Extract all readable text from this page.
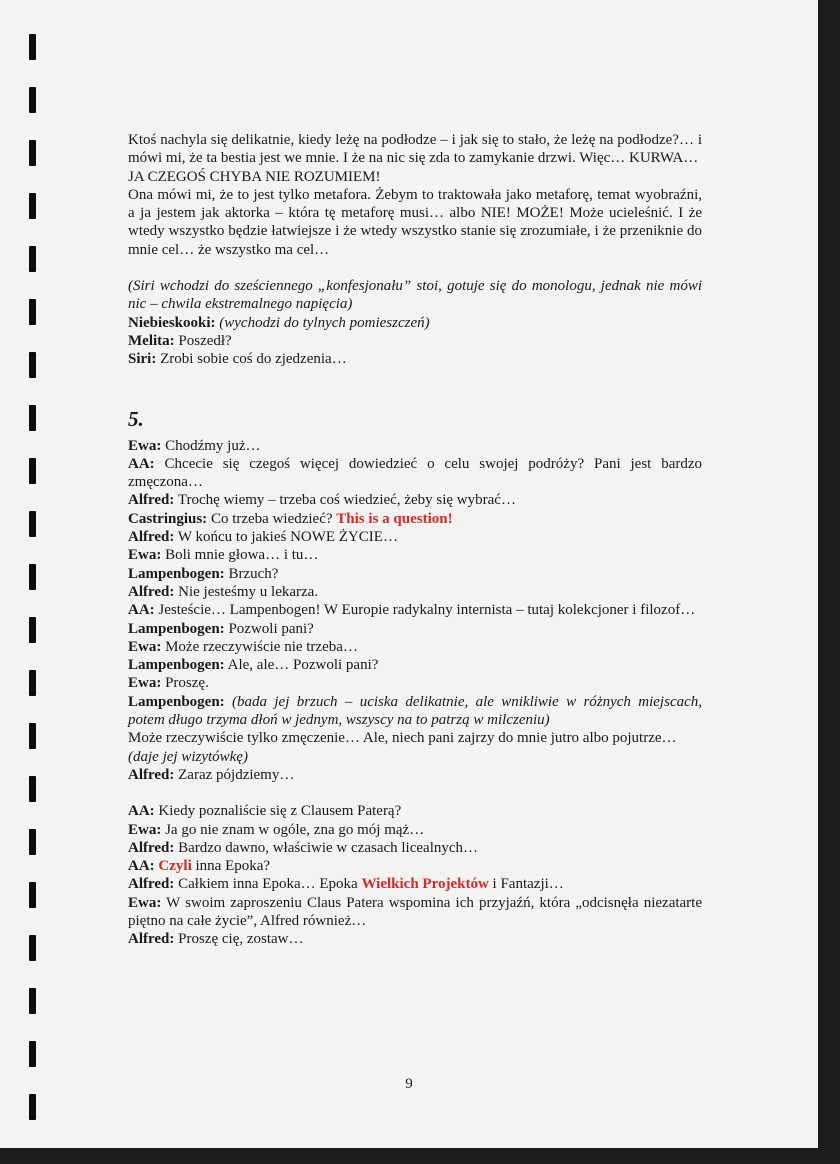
Ktoś nachyla się delikatnie, kiedy leżę na podłodze – i jak się to stało, że leżę na podłodze?… i mówi mi, że ta bestia jest we mnie. I że na nic się zda to zamykanie drzwi. Więc… KURWA…

JA CZEGOŚ CHYBA NIE ROZUMIEM!

Ona mówi mi, że to jest tylko metafora. Żebym to traktowała jako metaforę, temat wyobraźni, a ja jestem jak aktorka – która tę metaforę musi… albo NIE! MOŻE! Może ucieleśnić. I że wtedy wszystko będzie łatwiejsze i że wtedy wszystko stanie się zrozumiałe, i że przeniknie do mnie cel… że wszystko ma cel…

(Siri wchodzi do sześciennego „konfesjonału” stoi, gotuje się do monologu, jednak nie mówi nic – chwila ekstremalnego napięcia)

Niebieskooki: (wychodzi do tylnych pomieszczeń)

Melita: Poszedł?

Siri: Zrobi sobie coś do zjedzenia…

5.

Ewa: Chodźmy już…

AA: Chcecie się czegoś więcej dowiedzieć o celu swojej podróży? Pani jest bardzo zmęczona…

Alfred: Trochę wiemy – trzeba coś wiedzieć, żeby się wybrać…

Castringius: Co trzeba wiedzieć? This is a question!

Alfred: W końcu to jakieś NOWE ŻYCIE…

Ewa: Boli mnie głowa… i tu…

Lampenbogen: Brzuch?

Alfred: Nie jesteśmy u lekarza.

AA: Jesteście… Lampenbogen! W Europie radykalny internista – tutaj kolekcjoner i filozof…

Lampenbogen: Pozwoli pani?

Ewa: Może rzeczywiście nie trzeba…

Lampenbogen: Ale, ale… Pozwoli pani?

Ewa: Proszę.

Lampenbogen: (bada jej brzuch – uciska delikatnie, ale wnikliwie w różnych miejscach, potem długo trzyma dłoń w jednym, wszyscy na to patrzą w milczeniu)

Może rzeczywiście tylko zmęczenie… Ale, niech pani zajrzy do mnie jutro albo pojutrze…

(daje jej wizytówkę)

Alfred: Zaraz pójdziemy…

AA: Kiedy poznaliście się z Clausem Paterą?

Ewa: Ja go nie znam w ogóle, zna go mój mąż…

Alfred: Bardzo dawno, właściwie w czasach licealnych…

AA: Czyli inna Epoka?

Alfred: Całkiem inna Epoka… Epoka Wielkich Projektów i Fantazji…

Ewa: W swoim zaproszeniu Claus Patera wspomina ich przyjaźń, która „odcisnęła niezatarte piętno na całe życie”, Alfred również…

Alfred: Proszę cię, zostaw…

9
